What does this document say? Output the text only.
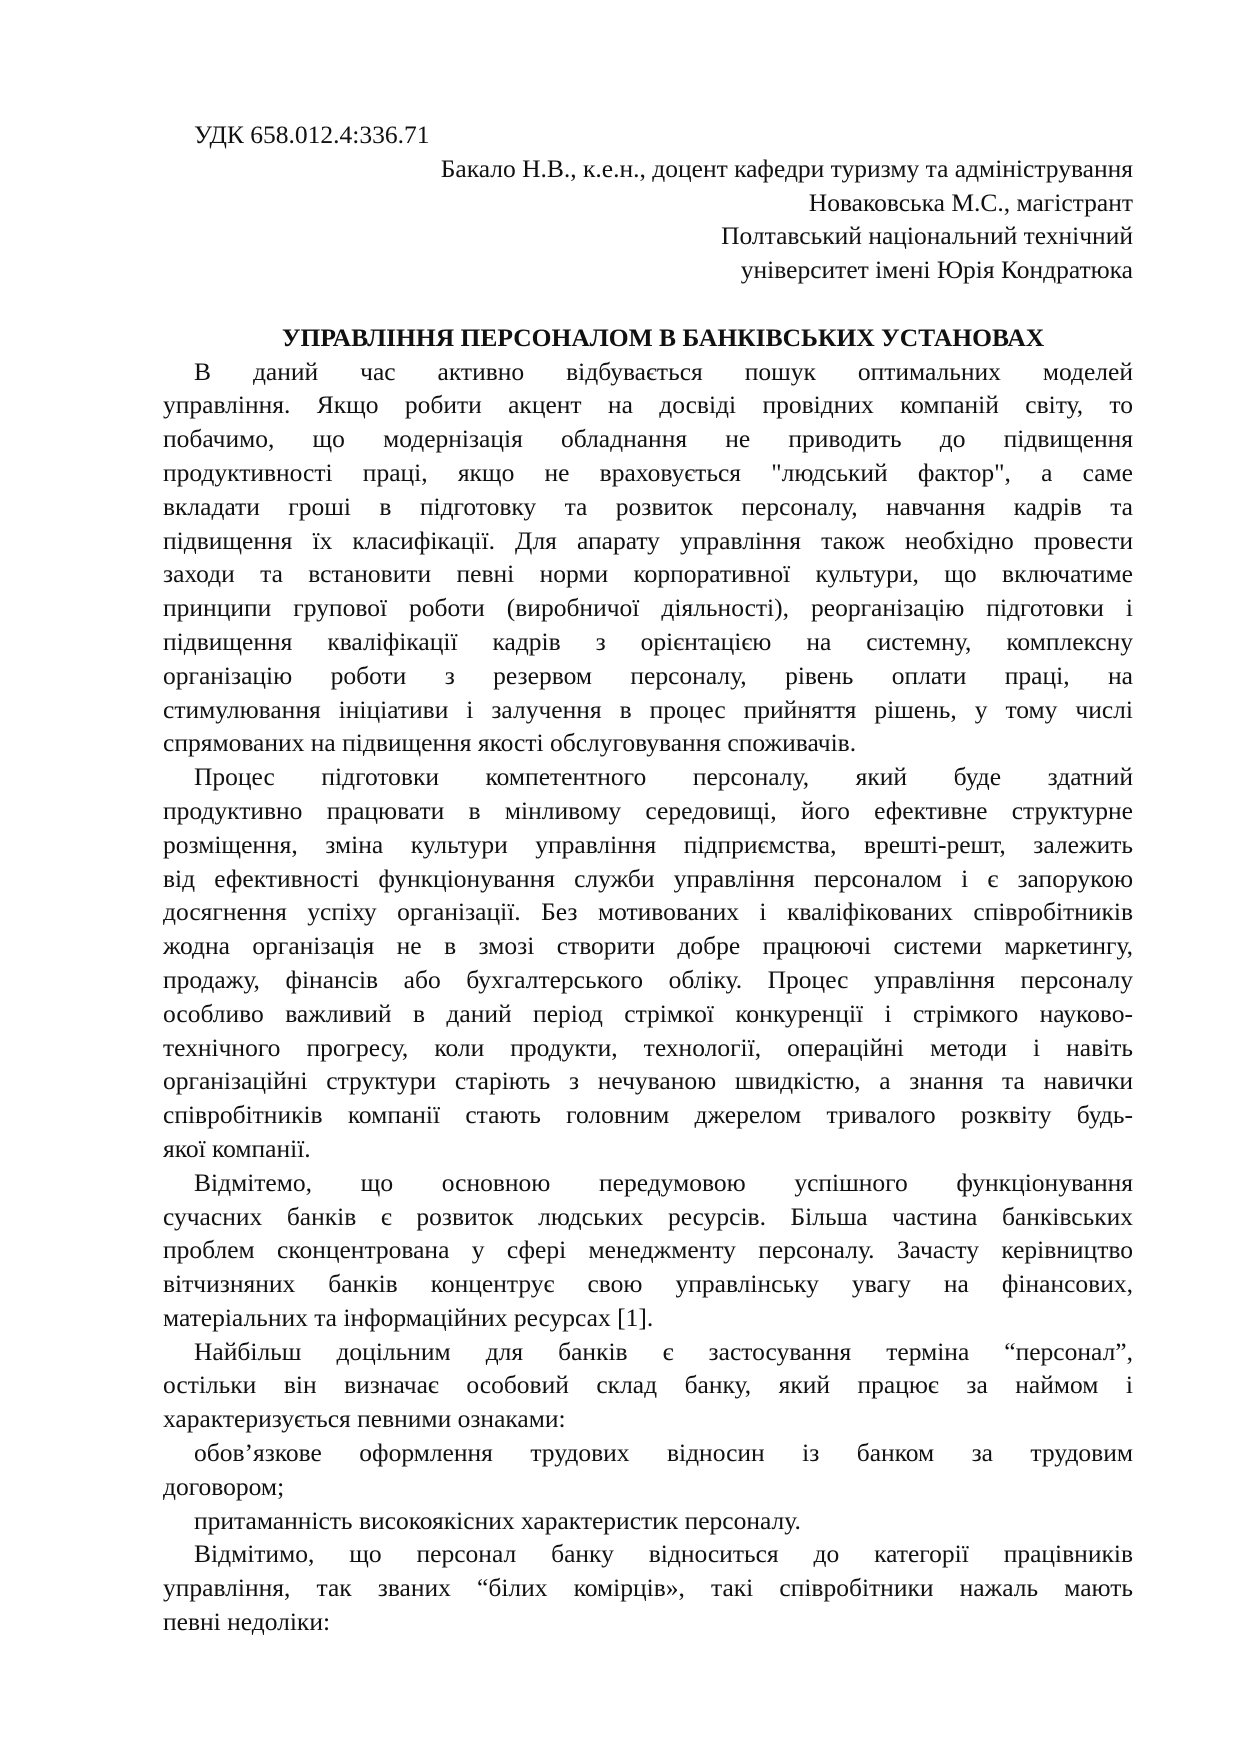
УДК 658.012.4:336.71
Бакало Н.В., к.е.н., доцент кафедри туризму та адміністрування
Новаковська М.С., магістрант
Полтавський національний технічний
університет імені Юрія Кондратюка
УПРАВЛІННЯ ПЕРСОНАЛОМ В БАНКІВСЬКИХ УСТАНОВАХ
В даний час активно відбувається пошук оптимальних моделей
управління. Якщо робити акцент на досвіді провідних компаній світу, то
побачимо, що модернізація обладнання не приводить до підвищення
продуктивності праці, якщо не враховується "людський фактор", а саме
вкладати гроші в підготовку та розвиток персоналу, навчання кадрів та
підвищення їх класифікації. Для апарату управління також необхідно провести
заходи та встановити певні норми корпоративної культури, що включатиме
принципи групової роботи (виробничої діяльності), реорганізацію підготовки і
підвищення кваліфікації кадрів з орієнтацією на системну, комплексну
організацію роботи з резервом персоналу, рівень оплати праці, на
стимулювання ініціативи і залучення в процес прийняття рішень, у тому числі
спрямованих на підвищення якості обслуговування споживачів.
Процес підготовки компетентного персоналу, який буде здатний
продуктивно працювати в мінливому середовищі, його ефективне структурне
розміщення, зміна культури управління підприємства, врешті-решт, залежить
від ефективності функціонування служби управління персоналом і є запорукою
досягнення успіху організації. Без мотивованих і кваліфікованих співробітників
жодна організація не в змозі створити добре працюючі системи маркетингу,
продажу, фінансів або бухгалтерського обліку. Процес управління персоналу
особливо важливий в даний період стрімкої конкуренції і стрімкого науково-
технічного прогресу, коли продукти, технології, операційні методи і навіть
організаційні структури старіють з нечуваною швидкістю, а знання та навички
співробітників компанії стають головним джерелом тривалого розквіту будь-
якої компанії.
Відмітемо, що основною передумовою успішного функціонування
сучасних банків є розвиток людських ресурсів. Більша частина банківських
проблем сконцентрована у сфері менеджменту персоналу. Зачасту керівництво
вітчизняних банків концентрує свою управлінську увагу на фінансових,
матеріальних та інформаційних ресурсах [1].
Найбільш доцільним для банків є застосування терміна “персонал”,
остільки він визначає особовий склад банку, який працює за наймом і
характеризується певними ознаками:
обов’язкове оформлення трудових відносин із банком за трудовим
договором;
притаманність високоякісних характеристик персоналу.
Відмітимо, що персонал банку відноситься до категорії працівників
управління, так званих “білих комірців», такі співробітники нажаль мають
певні недоліки:
